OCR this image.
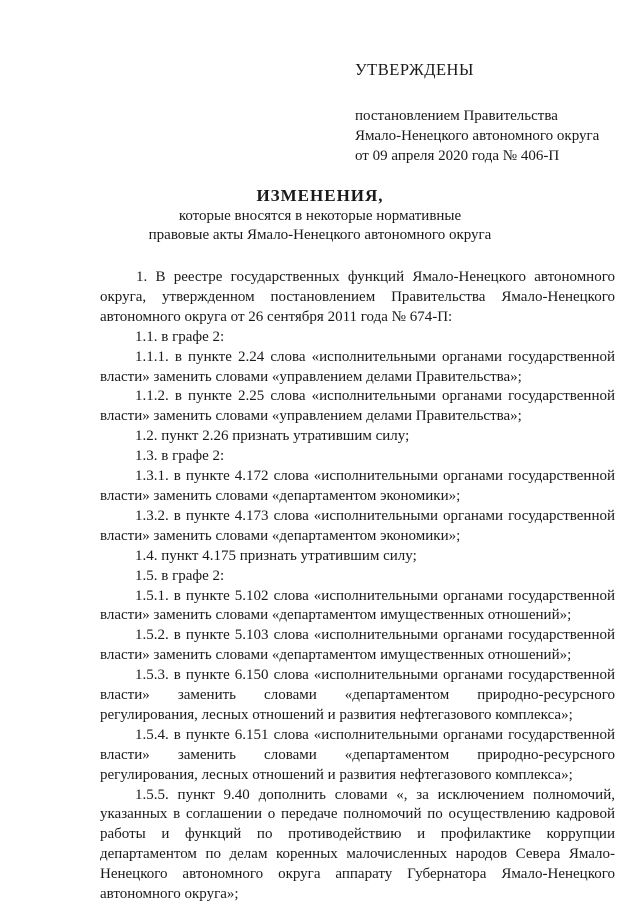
УТВЕРЖДЕНЫ
постановлением Правительства
Ямало-Ненецкого автономного округа
от 09 апреля 2020 года № 406-П
ИЗМЕНЕНИЯ,
которые вносятся в некоторые нормативные
правовые акты Ямало-Ненецкого автономного округа

1. В реестре государственных функций Ямало-Ненецкого автономного округа, утвержденном постановлением Правительства Ямало-Ненецкого автономного округа от 26 сентября 2011 года № 674-П:

1.1. в графе 2:

1.1.1. в пункте 2.24 слова «исполнительными органами государственной власти» заменить словами «управлением делами Правительства»;

1.1.2. в пункте 2.25 слова «исполнительными органами государственной власти» заменить словами «управлением делами Правительства»;

1.2. пункт 2.26 признать утратившим силу;

1.3. в графе 2:

1.3.1. в пункте 4.172 слова «исполнительными органами государственной власти» заменить словами «департаментом экономики»;

1.3.2. в пункте 4.173 слова «исполнительными органами государственной власти» заменить словами «департаментом экономики»;

1.4. пункт 4.175 признать утратившим силу;

1.5. в графе 2:

1.5.1. в пункте 5.102 слова «исполнительными органами государственной власти» заменить словами «департаментом имущественных отношений»;

1.5.2. в пункте 5.103 слова «исполнительными органами государственной власти» заменить словами «департаментом имущественных отношений»;

1.5.3. в пункте 6.150 слова «исполнительными органами государственной власти» заменить словами «департаментом природно-ресурсного регулирования, лесных отношений и развития нефтегазового комплекса»;

1.5.4. в пункте 6.151 слова «исполнительными органами государственной власти» заменить словами «департаментом природно-ресурсного регулирования, лесных отношений и развития нефтегазового комплекса»;

1.5.5. пункт 9.40 дополнить словами «, за исключением полномочий, указанных в соглашении о передаче полномочий по осуществлению кадровой работы и функций по противодействию и профилактике коррупции департаментом по делам коренных малочисленных народов Севера Ямало-Ненецкого автономного округа аппарату Губернатора Ямало-Ненецкого автономного округа»;
